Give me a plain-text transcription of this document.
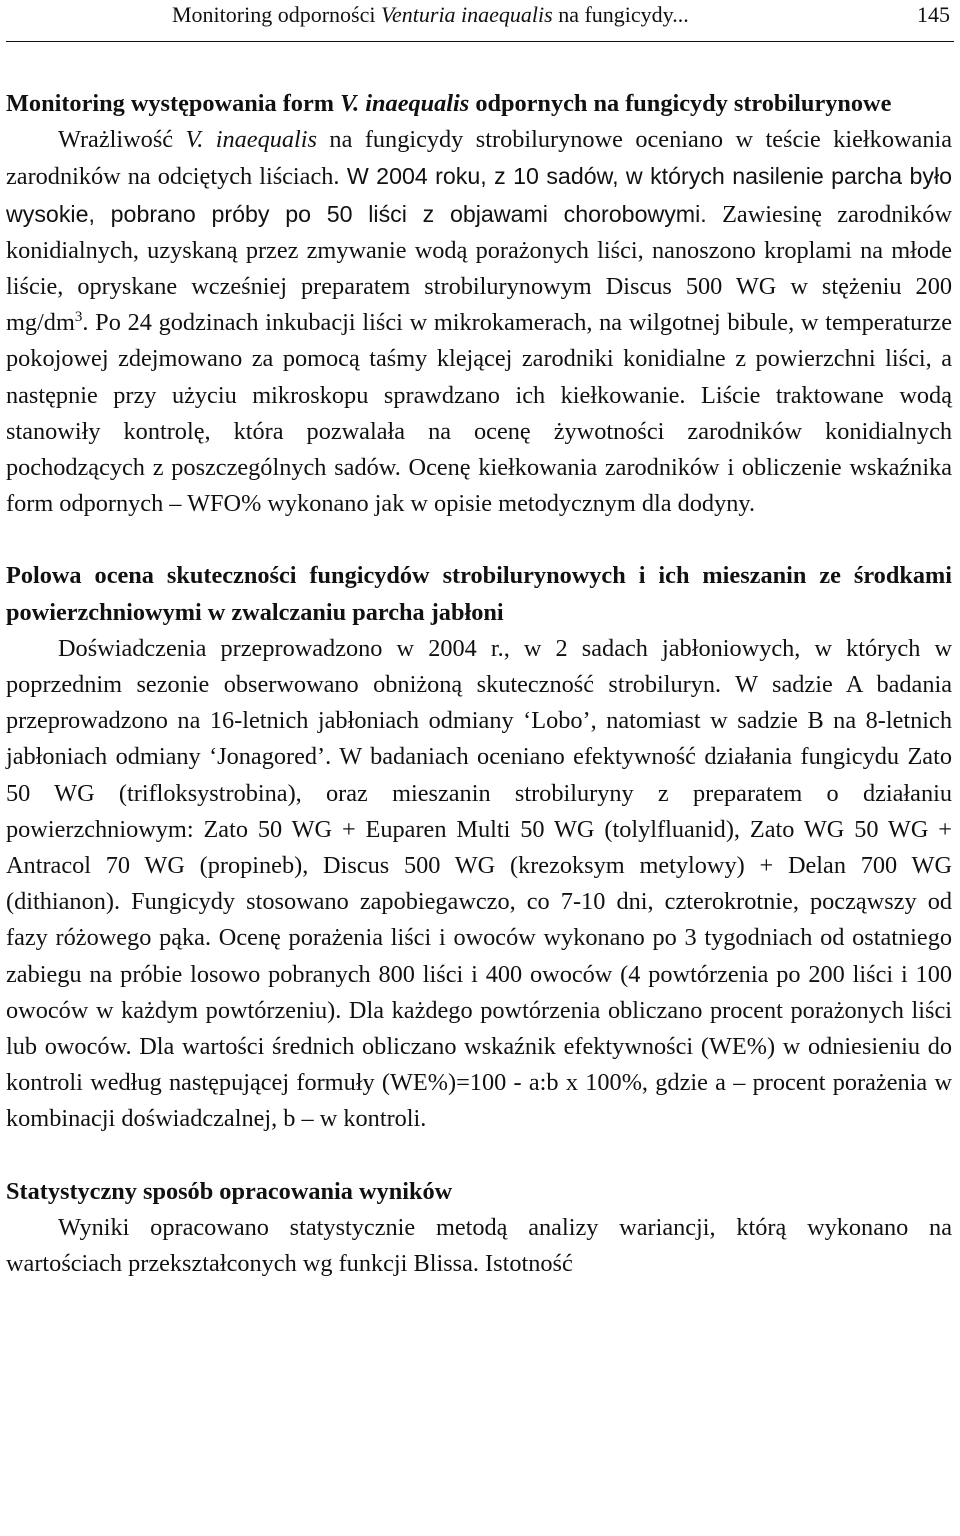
Monitoring odporności Venturia inaequalis na fungicydy...	145

Monitoring występowania form V. inaequalis odpornych na fungicydy strobilurynowe

Wrażliwość V. inaequalis na fungicydy strobilurynowe oceniano w teście kiełkowania zarodników na odciętych liściach. W 2004 roku, z 10 sadów, w których nasilenie parcha było wysokie, pobrano próby po 50 liści z objawami chorobowymi. Zawiesinę zarodników konidialnych, uzyskaną przez zmywanie wodą porażonych liści, nanoszono kroplami na młode liście, opryskane wcześniej preparatem strobilurynowym Discus 500 WG w stężeniu 200 $mg/dm^3$. Po 24 godzinach inkubacji liści w mikrokamerach, na wilgotnej bibule, w temperaturze pokojowej zdejmowano za pomocą taśmy klejącej zarodniki konidialne z powierzchni liści, a następnie przy użyciu mikroskopu sprawdzano ich kiełkowanie. Liście traktowane wodą stanowiły kontrolę, która pozwalała na ocenę żywotności zarodników konidialnych pochodzących z poszczególnych sadów. Ocenę kiełkowania zarodników i obliczenie wskaźnika form odpornych – WFO% wykonano jak w opisie metodycznym dla dodyny.

Polowa ocena skuteczności fungicydów strobilurynowych i ich mieszanin ze środkami powierzchniowymi w zwalczaniu parcha jabłoni

Doświadczenia przeprowadzono w 2004 r., w 2 sadach jabłoniowych, w których w poprzednim sezonie obserwowano obniżoną skuteczność strobiluryn. W sadzie A badania przeprowadzono na 16-letnich jabłoniach odmiany ‘Lobo’, natomiast w sadzie B na 8-letnich jabłoniach odmiany ‘Jonagored’. W badaniach oceniano efektywność działania fungicydu Zato 50 WG (trifloksystrobina), oraz mieszanin strobiluryny z preparatem o działaniu powierzchniowym: Zato 50 WG + Euparen Multi 50 WG (tolylfluanid), Zato WG 50 WG + Antracol 70 WG (propineb), Discus 500 WG (krezoksym metylowy) + Delan 700 WG (dithianon). Fungicydy stosowano zapobiegawczo, co 7-10 dni, czterokrotnie, począwszy od fazy różowego pąka. Ocenę porażenia liści i owoców wykonano po 3 tygodniach od ostatniego zabiegu na próbie losowo pobranych 800 liści i 400 owoców (4 powtórzenia po 200 liści i 100 owoców w każdym powtórzeniu). Dla każdego powtórzenia obliczano procent porażonych liści lub owoców. Dla wartości średnich obliczano wskaźnik efektywności (WE%) w odniesieniu do kontroli według następującej formuły (WE%)=100 - a:b x 100%, gdzie a – procent porażenia w kombinacji doświadczalnej, b – w kontroli.

Statystyczny sposób opracowania wyników

Wyniki opracowano statystycznie metodą analizy wariancji, którą wykonano na wartościach przekształconych wg funkcji Blissa. Istotność
